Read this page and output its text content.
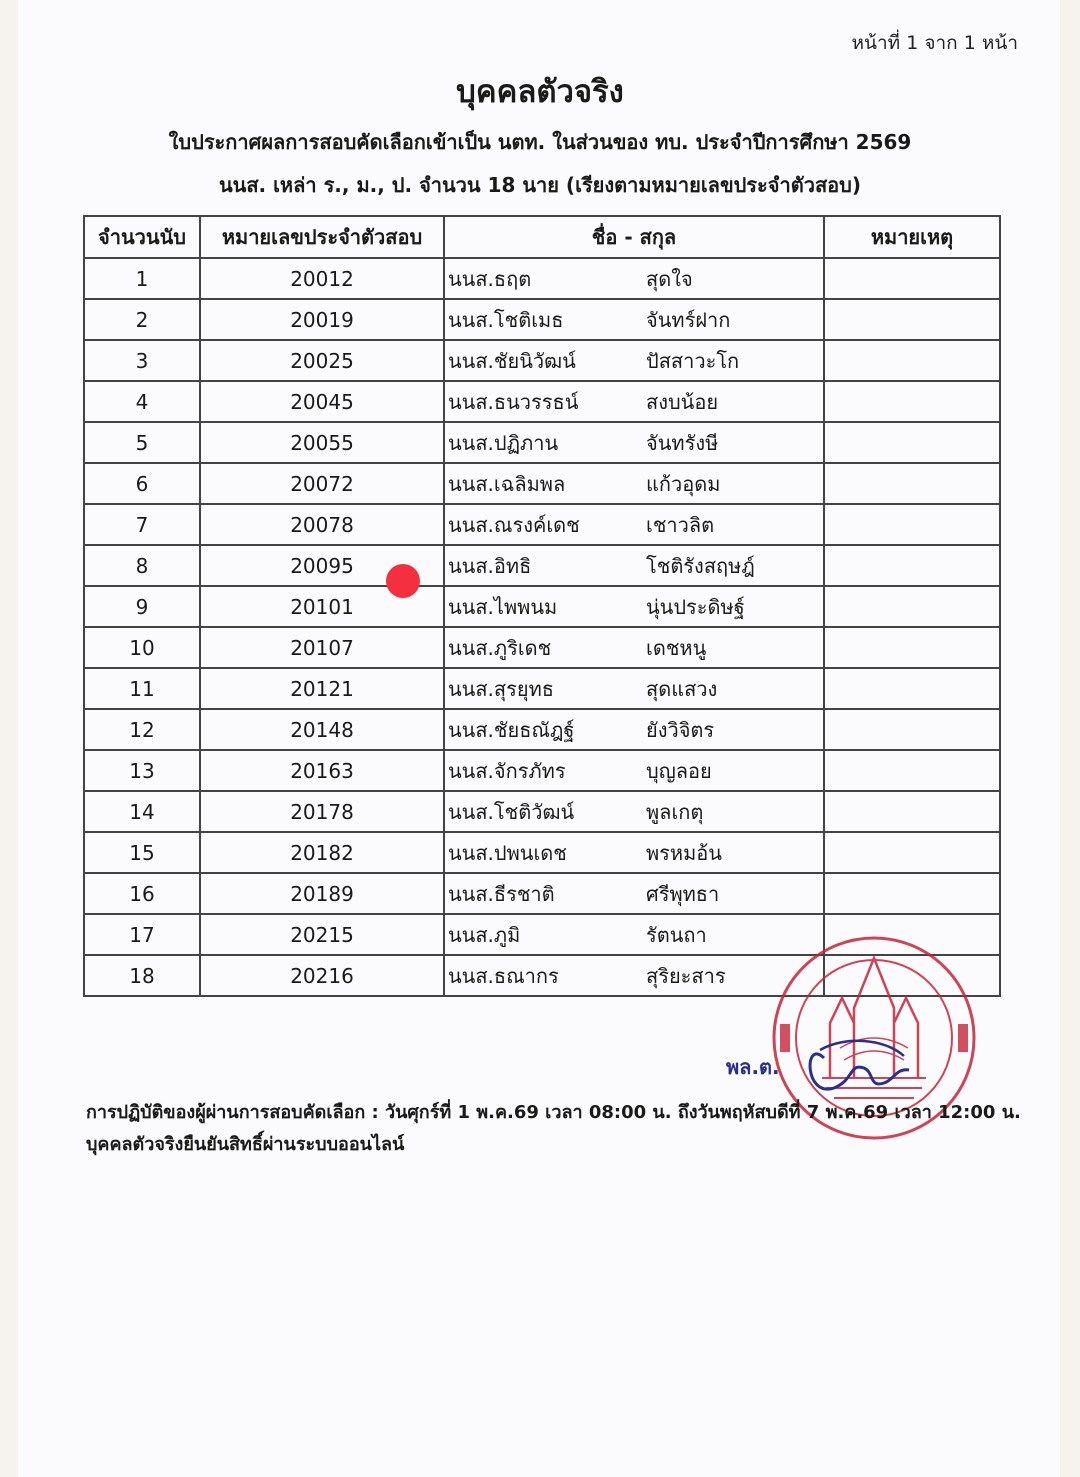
หน้าที่ 1 จาก 1 หน้า
บุคคลตัวจริง
ใบประกาศผลการสอบคัดเลือกเข้าเป็น นตท. ในส่วนของ ทบ. ประจำปีการศึกษา 2569
นนส. เหล่า ร., ม., ป. จำนวน 18 นาย (เรียงตามหมายเลขประจำตัวสอบ)
จำนวนนับ	หมายเลขประจำตัวสอบ	ชื่อ - สกุล	หมายเหตุ
1	20012	นนส.ธฤต สุดใจ	
2	20019	นนส.โชติเมธ จันทร์ฝาก	
3	20025	นนส.ชัยนิวัฒน์ ปัสสาวะโก	
4	20045	นนส.ธนวรรธน์ สงบน้อย	
5	20055	นนส.ปฏิภาน จันทรังษี	
6	20072	นนส.เฉลิมพล แก้วอุดม	
7	20078	นนส.ณรงค์เดช เชาวลิต	
8	20095	นนส.อิทธิ โชติรังสฤษฎ์	
9	20101	นนส.ไพพนม นุ่นประดิษฐ์	
10	20107	นนส.ภูริเดช เดชหนู	
11	20121	นนส.สุรยุทธ สุดแสวง	
12	20148	นนส.ชัยธณัฎฐ์ ยังวิจิตร	
13	20163	นนส.จักรภัทร บุญลอย	
14	20178	นนส.โชติวัฒน์ พูลเกตุ	
15	20182	นนส.ปพนเดช พรหมอ้น	
16	20189	นนส.ธีรชาติ ศรีพุทธา	
17	20215	นนส.ภูมิ รัตนถา	
18	20216	นนส.ธณากร สุริยะสาร	
พล.ต.
การปฏิบัติของผู้ผ่านการสอบคัดเลือก : วันศุกร์ที่ 1 พ.ค.69 เวลา 08:00 น. ถึงวันพฤหัสบดีที่ 7 พ.ค.69 เวลา 12:00 น.
บุคคลตัวจริงยืนยันสิทธิ์ผ่านระบบออนไลน์
